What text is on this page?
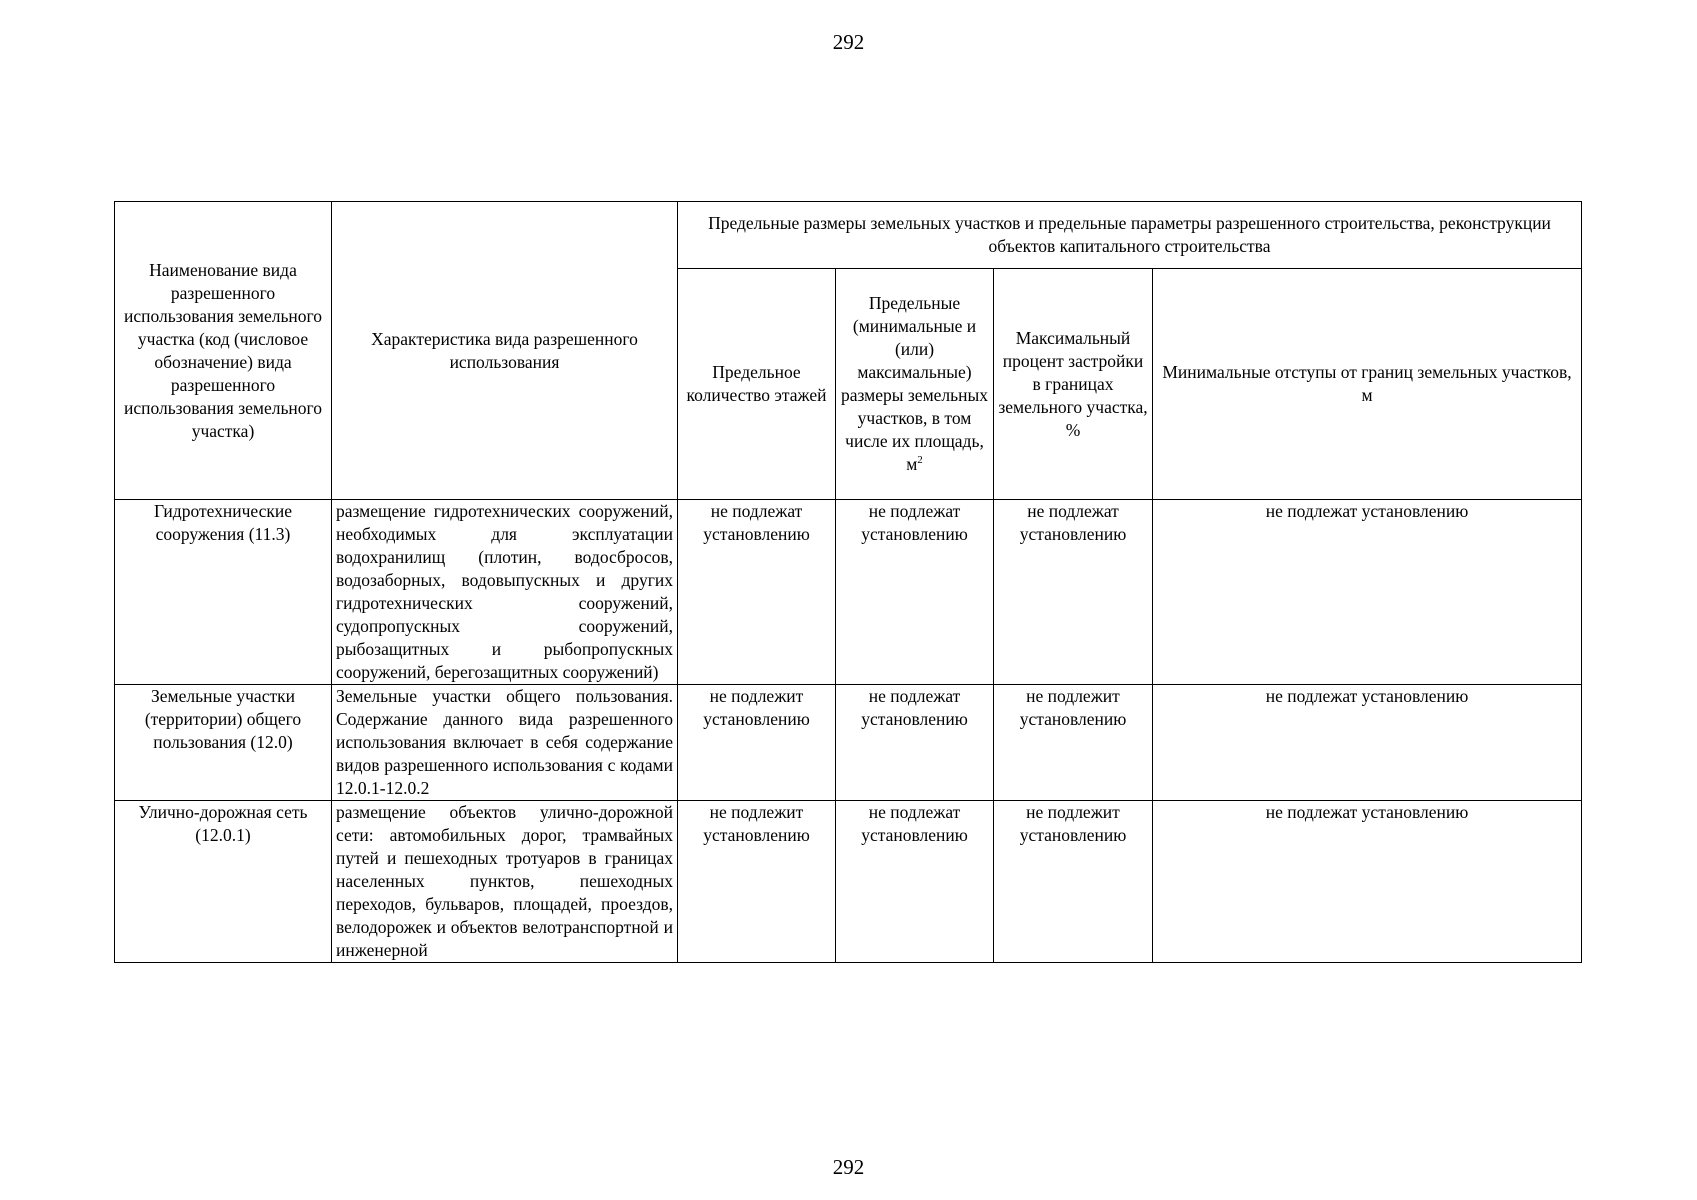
292
Наименование вида разрешенного использования земельного участка (код (числовое обозначение) вида разрешенного использования земельного участка)	Характеристика вида разрешенного использования	Предельные размеры земельных участков и предельные параметры разрешенного строительства, реконструкции объектов капитального строительства			
		Предельное количество этажей	Предельные (минимальные и (или) максимальные) размеры земельных участков, в том числе их площадь, $м^2$	Максимальный процент застройки в границах земельного участка, %	Минимальные отступы от границ земельных участков, м
Гидротехнические сооружения (11.3)	размещение гидротехнических сооружений, необходимых для эксплуатации водохранилищ (плотин, водосбросов, водозаборных, водовыпускных и других гидротехнических сооружений, судопропускных сооружений, рыбозащитных и рыбопропускных сооружений, берегозащитных сооружений)	не подлежат установлению	не подлежат установлению	не подлежат установлению	не подлежат установлению
Земельные участки (территории) общего пользования (12.0)	Земельные участки общего пользования. Содержание данного вида разрешенного использования включает в себя содержание видов разрешенного использования с кодами 12.0.1-12.0.2	не подлежит установлению	не подлежат установлению	не подлежит установлению	не подлежат установлению
Улично-дорожная сеть (12.0.1)	размещение объектов улично-дорожной сети: автомобильных дорог, трамвайных путей и пешеходных тротуаров в границах населенных пунктов, пешеходных переходов, бульваров, площадей, проездов, велодорожек и объектов велотранспортной и инженерной	не подлежит установлению	не подлежат установлению	не подлежит установлению	не подлежат установлению
292
